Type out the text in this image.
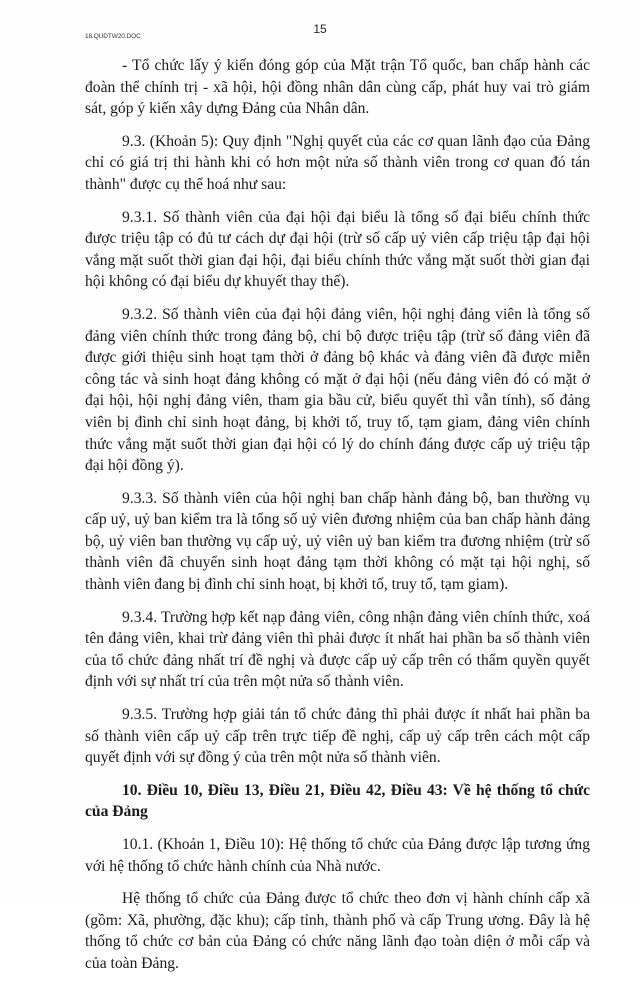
15
18.QUDTW20.DOC

- Tổ chức lấy ý kiến đóng góp của Mặt trận Tổ quốc, ban chấp hành các đoàn thể chính trị - xã hội, hội đồng nhân dân cùng cấp, phát huy vai trò giám sát, góp ý kiến xây dựng Đảng của Nhân dân.

9.3. (Khoản 5): Quy định "Nghị quyết của các cơ quan lãnh đạo của Đảng chỉ có giá trị thi hành khi có hơn một nửa số thành viên trong cơ quan đó tán thành" được cụ thể hoá như sau:

9.3.1. Số thành viên của đại hội đại biểu là tổng số đại biểu chính thức được triệu tập có đủ tư cách dự đại hội (trừ số cấp uỷ viên cấp triệu tập đại hội vắng mặt suốt thời gian đại hội, đại biểu chính thức vắng mặt suốt thời gian đại hội không có đại biểu dự khuyết thay thế).

9.3.2. Số thành viên của đại hội đảng viên, hội nghị đảng viên là tổng số đảng viên chính thức trong đảng bộ, chi bộ được triệu tập (trừ số đảng viên đã được giới thiệu sinh hoạt tạm thời ở đảng bộ khác và đảng viên đã được miễn công tác và sinh hoạt đảng không có mặt ở đại hội (nếu đảng viên đó có mặt ở đại hội, hội nghị đảng viên, tham gia bầu cử, biểu quyết thì vẫn tính), số đảng viên bị đình chỉ sinh hoạt đảng, bị khởi tố, truy tố, tạm giam, đảng viên chính thức vắng mặt suốt thời gian đại hội có lý do chính đáng được cấp uỷ triệu tập đại hội đồng ý).

9.3.3. Số thành viên của hội nghị ban chấp hành đảng bộ, ban thường vụ cấp uỷ, uỷ ban kiểm tra là tổng số uỷ viên đương nhiệm của ban chấp hành đảng bộ, uỷ viên ban thường vụ cấp uỷ, uỷ viên uỷ ban kiểm tra đương nhiệm (trừ số thành viên đã chuyển sinh hoạt đảng tạm thời không có mặt tại hội nghị, số thành viên đang bị đình chỉ sinh hoạt, bị khởi tố, truy tố, tạm giam).

9.3.4. Trường hợp kết nạp đảng viên, công nhận đảng viên chính thức, xoá tên đảng viên, khai trừ đảng viên thì phải được ít nhất hai phần ba số thành viên của tổ chức đảng nhất trí đề nghị và được cấp uỷ cấp trên có thẩm quyền quyết định với sự nhất trí của trên một nửa số thành viên.

9.3.5. Trường hợp giải tán tổ chức đảng thì phải được ít nhất hai phần ba số thành viên cấp uỷ cấp trên trực tiếp đề nghị, cấp uỷ cấp trên cách một cấp quyết định với sự đồng ý của trên một nửa số thành viên.

10. Điều 10, Điều 13, Điều 21, Điều 42, Điều 43: Về hệ thống tổ chức của Đảng

10.1. (Khoản 1, Điều 10): Hệ thống tổ chức của Đảng được lập tương ứng với hệ thống tổ chức hành chính của Nhà nước.

Hệ thống tổ chức của Đảng được tổ chức theo đơn vị hành chính cấp xã (gồm: Xã, phường, đặc khu); cấp tỉnh, thành phố và cấp Trung ương. Đây là hệ thống tổ chức cơ bản của Đảng có chức năng lãnh đạo toàn diện ở mỗi cấp và của toàn Đảng.
